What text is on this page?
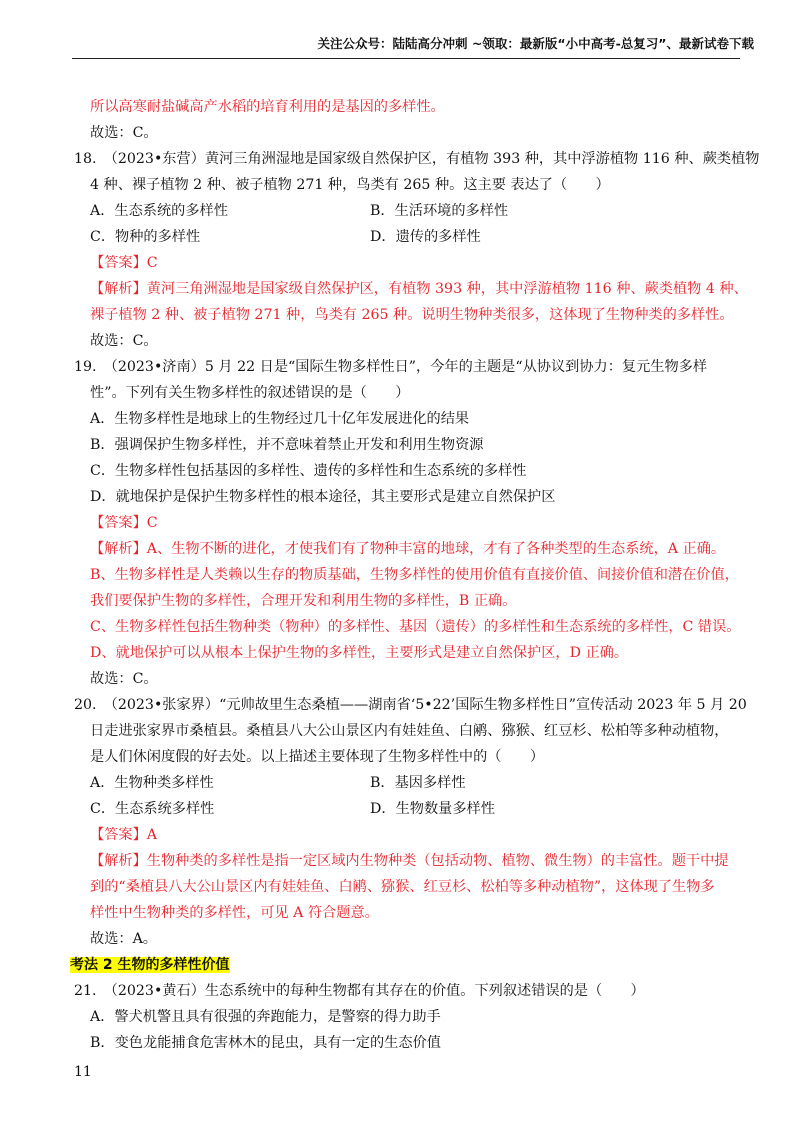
关注公众号：陆陆高分冲刺 ~领取：最新版“小中高考-总复习”、最新试卷下载
所以高寒耐盐碱高产水稻的培育利用的是基因的多样性。
故选：C。
18.　（2023•东营）黄河三角洲湿地是国家级自然保护区，有植物 393 种，其中浮游植物 116 种、蕨类植物
4 种、裸子植物 2 种、被子植物 271 种，鸟类有 265 种。这主要 表达了（　　）
A．生态系统的多样性	B．生活环境的多样性
C．物种的多样性	D．遗传的多样性
【答案】C
【解析】黄河三角洲湿地是国家级自然保护区，有植物 393 种，其中浮游植物 116 种、蕨类植物 4 种、
裸子植物 2 种、被子植物 271 种，鸟类有 265 种。说明生物种类很多，这体现了生物种类的多样性。
故选：C。
19.　（2023•济南）5 月 22 日是“国际生物多样性日”，今年的主题是“从协议到协力：复元生物多样
性”。下列有关生物多样性的叙述错误的是（　　）
A．生物多样性是地球上的生物经过几十亿年发展进化的结果
B．强调保护生物多样性，并不意味着禁止开发和利用生物资源
C．生物多样性包括基因的多样性、遗传的多样性和生态系统的多样性
D．就地保护是保护生物多样性的根本途径，其主要形式是建立自然保护区
【答案】C
【解析】A、生物不断的进化，才使我们有了物种丰富的地球，才有了各种类型的生态系统，A 正确。
B、生物多样性是人类赖以生存的物质基础，生物多样性的使用价值有直接价值、间接价值和潜在价值，
我们要保护生物的多样性，合理开发和利用生物的多样性，B 正确。
C、生物多样性包括生物种类（物种）的多样性、基因（遗传）的多样性和生态系统的多样性，C 错误。
D、就地保护可以从根本上保护生物的多样性，主要形式是建立自然保护区，D 正确。
故选：C。
20.　（2023•张家界）“元帅故里生态桑植——湖南省‘5•22’国际生物多样性日”宣传活动 2023 年 5 月 20
日走进张家界市桑植县。桑植县八大公山景区内有娃娃鱼、白鹇、猕猴、红豆杉、松柏等多种动植物，
是人们休闲度假的好去处。以上描述主要体现了生物多样性中的（　　）
A．生物种类多样性	B．基因多样性
C．生态系统多样性	D．生物数量多样性
【答案】A
【解析】生物种类的多样性是指一定区域内生物种类（包括动物、植物、微生物）的丰富性。题干中提
到的“桑植县八大公山景区内有娃娃鱼、白鹇、猕猴、红豆杉、松柏等多种动植物”，这体现了生物多
样性中生物种类的多样性，可见 A 符合题意。
故选：A。
考法 2 生物的多样性价值
21.　（2023•黄石）生态系统中的每种生物都有其存在的价值。下列叙述错误的是（　　）
A．警犬机警且具有很强的奔跑能力，是警察的得力助手
B．变色龙能捕食危害林木的昆虫，具有一定的生态价值
11
